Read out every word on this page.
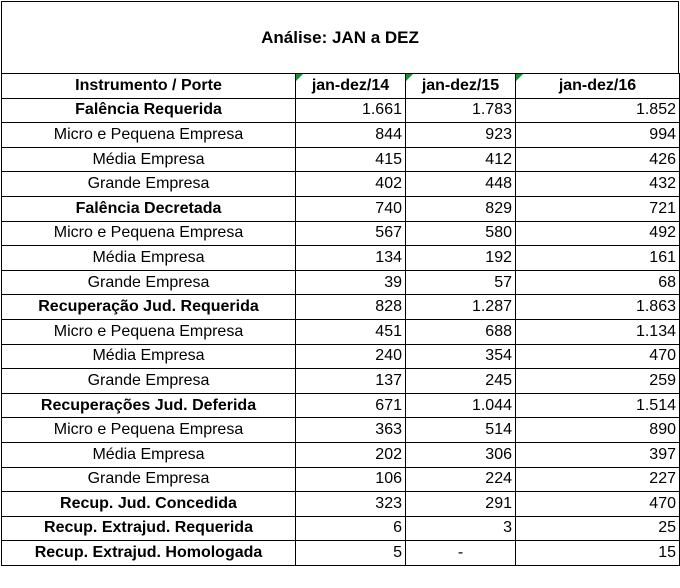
Análise: JAN a DEZ
Instrumento / Porte	jan-dez/14	jan-dez/15	jan-dez/16
Falência Requerida	1.661	1.783	1.852
Micro e Pequena Empresa	844	923	994
Média Empresa	415	412	426
Grande Empresa	402	448	432
Falência Decretada	740	829	721
Micro e Pequena Empresa	567	580	492
Média Empresa	134	192	161
Grande Empresa	39	57	68
Recuperação Jud. Requerida	828	1.287	1.863
Micro e Pequena Empresa	451	688	1.134
Média Empresa	240	354	470
Grande Empresa	137	245	259
Recuperações Jud. Deferida	671	1.044	1.514
Micro e Pequena Empresa	363	514	890
Média Empresa	202	306	397
Grande Empresa	106	224	227
Recup. Jud. Concedida	323	291	470
Recup. Extrajud. Requerida	6	3	25
Recup. Extrajud. Homologada	5	-	15
